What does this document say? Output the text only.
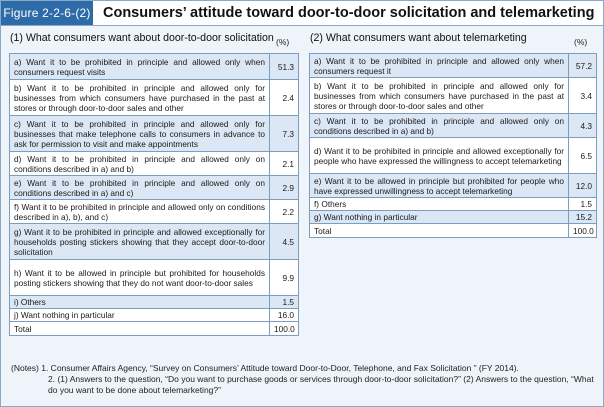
Figure 2-2-6-(2) Consumers’ attitude toward door-to-door solicitation and telemarketing
(1) What consumers want about door-to-door solicitation (%)
a) Want it to be prohibited in principle and allowed only when consumers request visits	51.3
b) Want it to be prohibited in principle and allowed only for businesses from which consumers have purchased in the past at stores or through door-to-door sales and other	2.4
c) Want it to be prohibited in principle and allowed only for businesses that make telephone calls to consumers in advance to ask for permission to visit and make appointments	7.3
d) Want it to be prohibited in principle and allowed only on conditions described in a) and b)	2.1
e) Want it to be prohibited in principle and allowed only on conditions described in a) and c)	2.9
f) Want it to be prohibited in principle and allowed only on conditions described in a), b), and c)	2.2
g) Want it to be prohibited in principle and allowed exceptionally for households posting stickers showing that they accept door-to-door solicitation	4.5
h) Want it to be allowed in principle but prohibited for households posting stickers showing that they do not want door-to-door sales	9.9
i) Others	1.5
j) Want nothing in particular	16.0
Total	100.0
(2) What consumers want about telemarketing	(%)
a) Want it to be prohibited in principle and allowed only when consumers request it	57.2
b) Want it to be prohibited in principle and allowed only for businesses from which consumers have purchased in the past at stores or through door-to-door sales and other	3.4
c) Want it to be prohibited in principle and allowed only on conditions described in a) and b)	4.3
d) Want it to be prohibited in principle and allowed exceptionally for people who have expressed the willingness to accept telemarketing	6.5
e) Want it to be allowed in principle but prohibited for people who have expressed unwillingness to accept telemarketing	12.0
f) Others	1.5
g) Want nothing in particular	15.2
Total	100.0
(Notes) 1. Consumer Affairs Agency, “Survey on Consumers’ Attitude toward Door-to-Door, Telephone, and Fax Solicitation ” (FY 2014).
2. (1) Answers to the question, “Do you want to purchase goods or services through door-to-door solicitation?” (2) Answers to the question, “What do you want to be done about telemarketing?”
